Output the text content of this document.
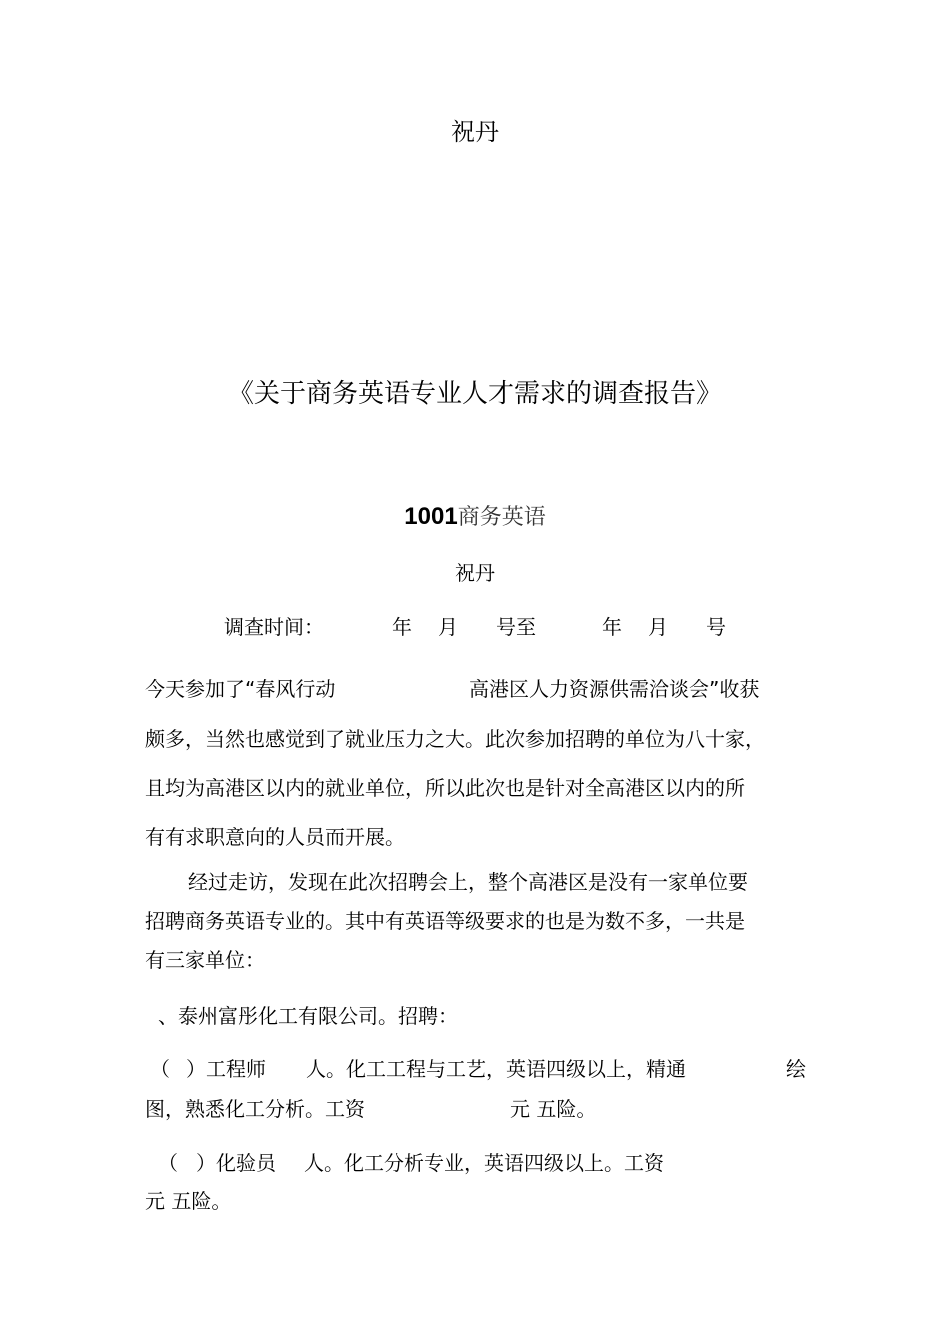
祝丹
《关于商务英语专业人才需求的调查报告》
1001商务英语
祝丹
调查时间：	年 月 号至	年 月 号
今天参加了“春风行动	高港区人力资源供需洽谈会”收获
颇多，当然也感觉到了就业压力之大。此次参加招聘的单位为八十家，
且均为高港区以内的就业单位，所以此次也是针对全高港区以内的所
有有求职意向的人员而开展。
经过走访，发现在此次招聘会上，整个高港区是没有一家单位要
招聘商务英语专业的。其中有英语等级要求的也是为数不多，一共是
有三家单位：
、泰州富彤化工有限公司。招聘：
（ ）工程师 人。化工工程与工艺，英语四级以上，精通	绘
图，熟悉化工分析。工资	元 五险。
（ ）化验员 人。化工分析专业，英语四级以上。工资
元 五险。
